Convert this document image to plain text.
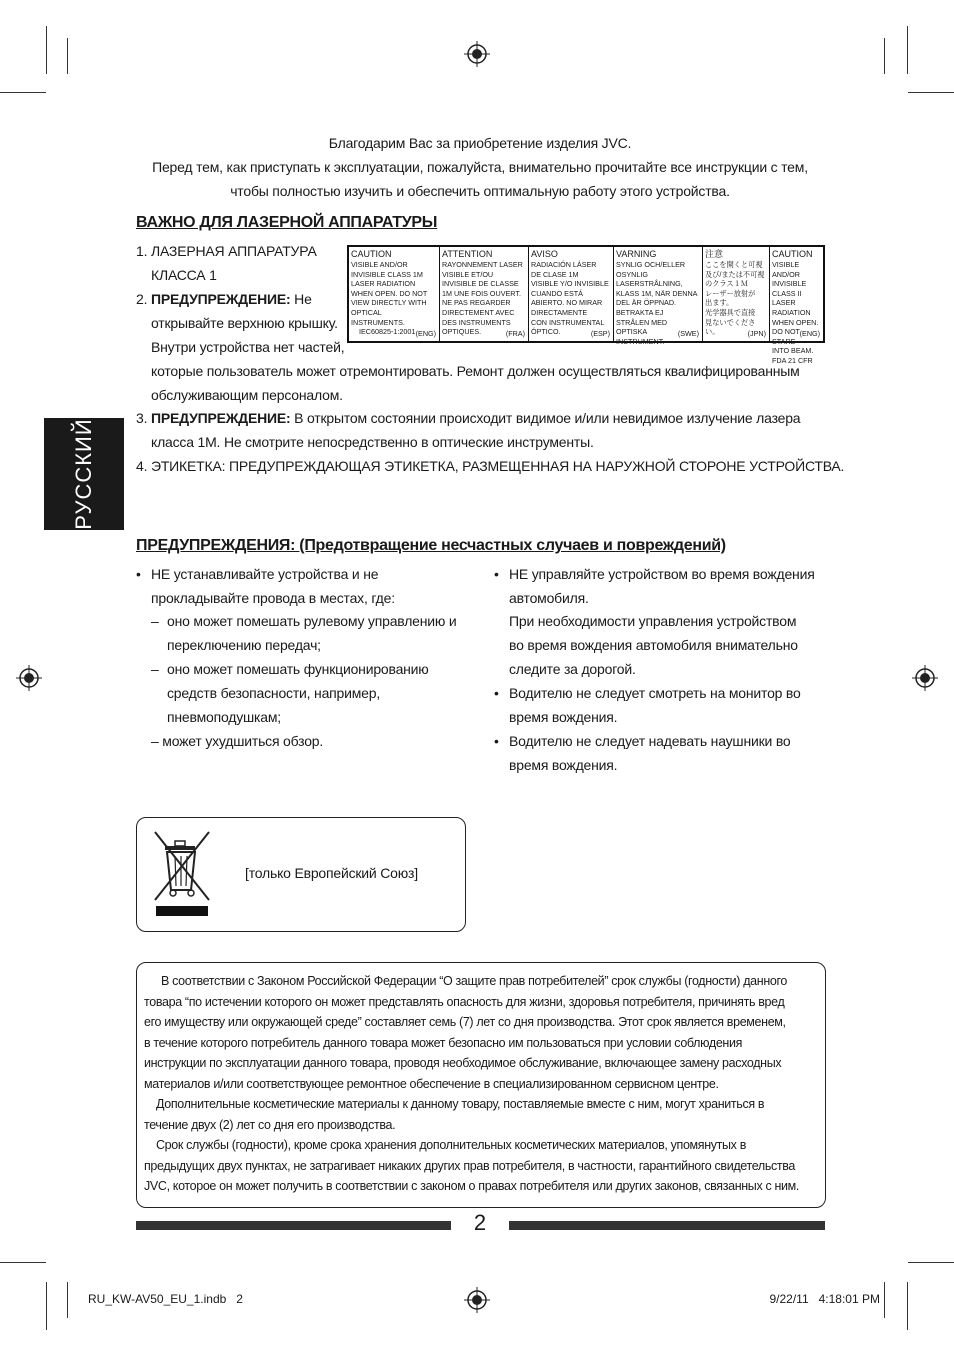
Благодарим Вас за приобретение изделия JVC.
Перед тем, как приступать к эксплуатации, пожалуйста, внимательно прочитайте все инструкции с тем,
чтобы полностью изучить и обеспечить оптимальную работу этого устройства.
ВАЖНО ДЛЯ ЛАЗЕРНОЙ АППАРАТУРЫ
1. ЛАЗЕРНАЯ АППАРАТУРА
КЛАССА 1
2. ПРЕДУПРЕЖДЕНИЕ: Не
открывайте верхнюю крышку.
Внутри устройства нет частей,
которые пользователь может отремонтировать. Ремонт должен осуществляться квалифицированным
обслуживающим персоналом.
3. ПРЕДУПРЕЖДЕНИЕ: В открытом состоянии происходит видимое и/или невидимое излучение лазера
класса 1М. Не смотрите непосредственно в оптические инструменты.
4. ЭТИКЕТКА: ПРЕДУПРЕЖДАЮЩАЯ ЭТИКЕТКА, РАЗМЕЩЕННАЯ НА НАРУЖНОЙ СТОРОНЕ УСТРОЙСТВА.
CAUTION
VISIBLE AND/OR
INVISIBLE CLASS 1M
LASER RADIATION
WHEN OPEN. DO NOT
VIEW DIRECTLY WITH
OPTICAL INSTRUMENTS.
IEC60825-1:2001 (ENG)
ATTENTION
RAYONNEMENT LASER
VISIBLE ET/OU
INVISIBLE DE CLASSE
1M UNE FOIS OUVERT.
NE PAS REGARDER
DIRECTEMENT AVEC
DES INSTRUMENTS
OPTIQUES.	(FRA)
AVISO
RADIACIÓN LÁSER
DE CLASE 1M
VISIBLE Y/O INVISIBLE
CUANDO ESTÁ
ABIERTO. NO MIRAR
DIRECTAMENTE
CON INSTRUMENTAL
ÓPTICO.	(ESP)
VARNING
SYNLIG OCH/ELLER
OSYNLIG
LASERSTRÅLNING,
KLASS 1M, NÄR DENNA
DEL ÄR ÖPPNAD.
BETRAKTA EJ
STRÅLEN MED OPTISKA
INSTRUMENT.
(SWE)
注意
ここを開くと可視
及び/または不可視
のクラス１Ｍ
レーザー放射が
出ます。
光学器具で直接
見ないでください。	(JPN)
CAUTION
VISIBLE AND/OR
INVISIBLE CLASS II
LASER RADIATION
WHEN OPEN.
DO NOT STARE
INTO BEAM.
FDA 21 CFR
(ENG)
РУССКИЙ
ПРЕДУПРЕЖДЕНИЯ: (Предотвращение несчастных случаев и повреждений)
• НЕ устанавливайте устройства и не
прокладывайте провода в местах, где:
– оно может помешать рулевому управлению и
переключению передач;
– оно может помешать функционированию
средств безопасности, например,
пневмоподушкам;
– может ухудшиться обзор.
• НЕ управляйте устройством во время вождения
автомобиля.
При необходимости управления устройством
во время вождения автомобиля внимательно
следите за дорогой.
• Водителю не следует смотреть на монитор во
время вождения.
• Водителю не следует надевать наушники во
время вождения.
[только Европейский Союз]
В соответствии с Законом Российской Федерации “О защите прав потребителей” срок службы (годности) данного
товара “по истечении которого он может представлять опасность для жизни, здоровья потребителя, причинять вред
его имуществу или окружающей среде” составляет семь (7) лет со дня производства. Этот срок является временем,
в течение которого потребитель данного товара может безопасно им пользоваться при условии соблюдения
инструкции по эксплуатации данного товара, проводя необходимое обслуживание, включающее замену расходных
материалов и/или соответствующее ремонтное обеспечение в специализированном сервисном центре.
Дополнительные косметические материалы к данному товару, поставляемые вместе с ним, могут храниться в
течение двух (2) лет со дня его производства.
Срок службы (годности), кроме срока хранения дополнительных косметических материалов, упомянутых в
предыдущих двух пунктах, не затрагивает никаких других прав потребителя, в частности, гарантийного свидетельства
JVC, которое он может получить в соответствии с законом о правах потребителя или других законов, связанных с ним.
2
RU_KW-AV50_EU_1.indb   2	9/22/11   4:18:01 PM
